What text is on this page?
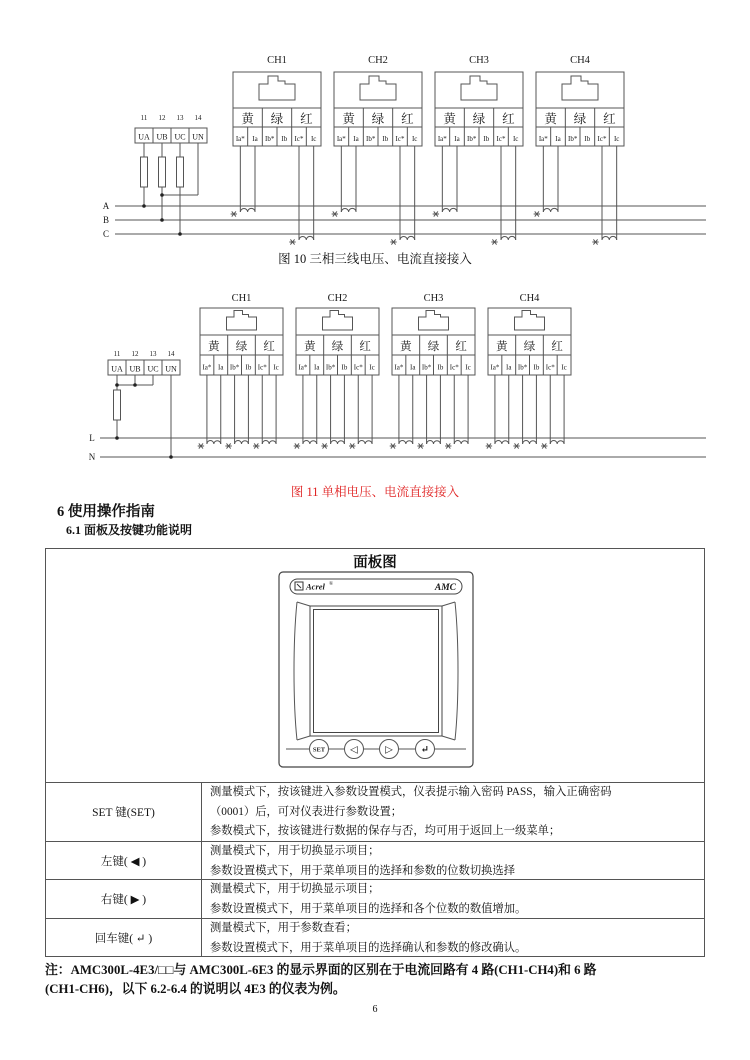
A
B
C
11 12 13 14
UA UB UC UN
CH1
黄 绿 红
Ia* Ia Ib* Ib Ic* Ic
CH2
黄 绿 红
Ia* Ia Ib* Ib Ic* Ic
CH3
黄 绿 红
Ia* Ia Ib* Ib Ic* Ic
CH4
黄 绿 红
Ia* Ia Ib* Ib Ic* Ic
图 10 三相三线电压、电流直接接入
L
N
11 12 13 14
UA UB UC UN
CH1
黄 绿 红
Ia* Ia Ib* Ib Ic* Ic
CH2
黄 绿 红
Ia* Ia Ib* Ib Ic* Ic
CH3
黄 绿 红
Ia* Ia Ib* Ib Ic* Ic
CH4
黄 绿 红
Ia* Ia Ib* Ib Ic* Ic
图 11 单相电压、电流直接接入
6 使用操作指南
6.1 面板及按键功能说明
面板图
Acrel ®	AMC
SET	◁	▷	↵
SET 键(SET)
测量模式下，按该键进入参数设置模式，仪表提示输入密码 PASS，输入正确密码
（0001）后，可对仪表进行参数设置；
参数模式下，按该键进行数据的保存与否，均可用于返回上一级菜单；
左键( ◀ )
测量模式下，用于切换显示项目；
参数设置模式下，用于菜单项目的选择和参数的位数切换选择
右键( ▶ )
测量模式下，用于切换显示项目；
参数设置模式下，用于菜单项目的选择和各个位数的数值增加。
回车键( ↵ )
测量模式下，用于参数查看；
参数设置模式下，用于菜单项目的选择确认和参数的修改确认。
注：AMC300L-4E3/□□与 AMC300L-6E3 的显示界面的区别在于电流回路有 4 路(CH1-CH4)和 6 路
(CH1-CH6)，以下 6.2-6.4 的说明以 4E3 的仪表为例。
6
